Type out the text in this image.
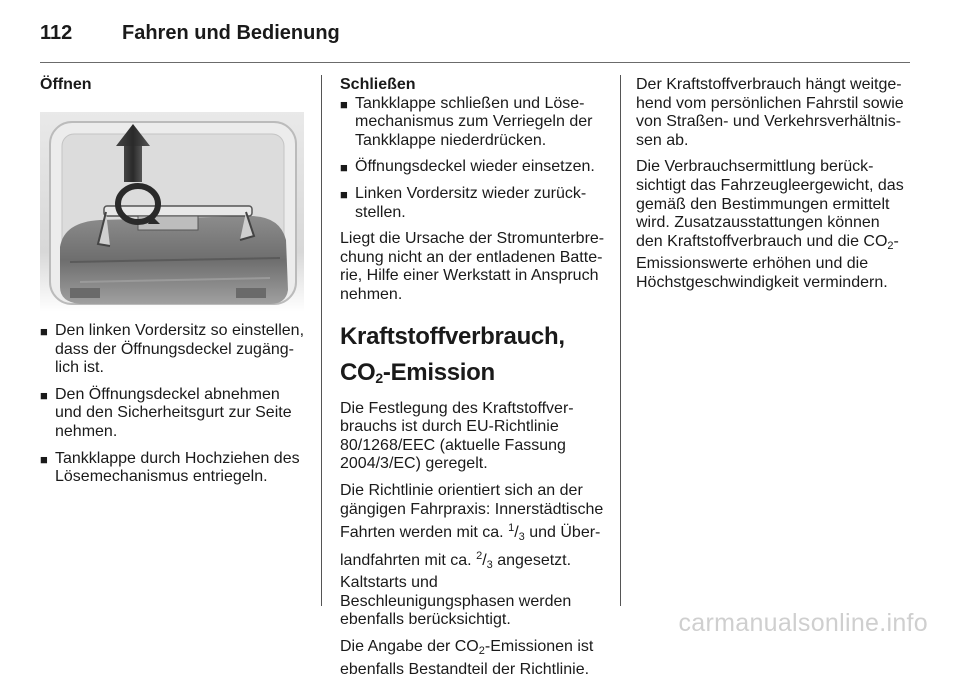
112 Fahren und Bedienung
Öffnen
■ Den linken Vordersitz so einstellen, dass der Öffnungsdeckel zugänglich ist.
■ Den Öffnungsdeckel abnehmen und den Sicherheitsgurt zur Seite nehmen.
■ Tankklappe durch Hochziehen des Lösemechanismus entriegeln.
Schließen
■ Tankklappe schließen und Lösemechanismus zum Verriegeln der Tankklappe niederdrücken.
■ Öffnungsdeckel wieder einsetzen.
■ Linken Vordersitz wieder zurückstellen.

Liegt die Ursache der Stromunterbrechung nicht an der entladenen Batterie, Hilfe einer Werkstatt in Anspruch nehmen.

Kraftstoffverbrauch, $CO_2$-Emission

Die Festlegung des Kraftstoffverbrauchs ist durch EU-Richtlinie 80/1268/EEC (aktuelle Fassung 2004/3/EC) geregelt.

Die Richtlinie orientiert sich an der gängigen Fahrpraxis: Innerstädtische Fahrten werden mit ca. $^1$/3 und Überlandfahrten mit ca. $^2$/3 angesetzt. Kaltstarts und Beschleunigungsphasen werden ebenfalls berücksichtigt.

Die Angabe der $CO_2$-Emissionen ist ebenfalls Bestandteil der Richtlinie.

Der Kraftstoffverbrauch hängt weitgehend vom persönlichen Fahrstil sowie von Straßen- und Verkehrsverhältnissen ab.

Die Verbrauchsermittlung berücksichtigt das Fahrzeugleergewicht, das gemäß den Bestimmungen ermittelt wird. Zusatzausstattungen können den Kraftstoffverbrauch und die $CO_2$-Emissionswerte erhöhen und die Höchstgeschwindigkeit vermindern.

carmanualsonline.info
